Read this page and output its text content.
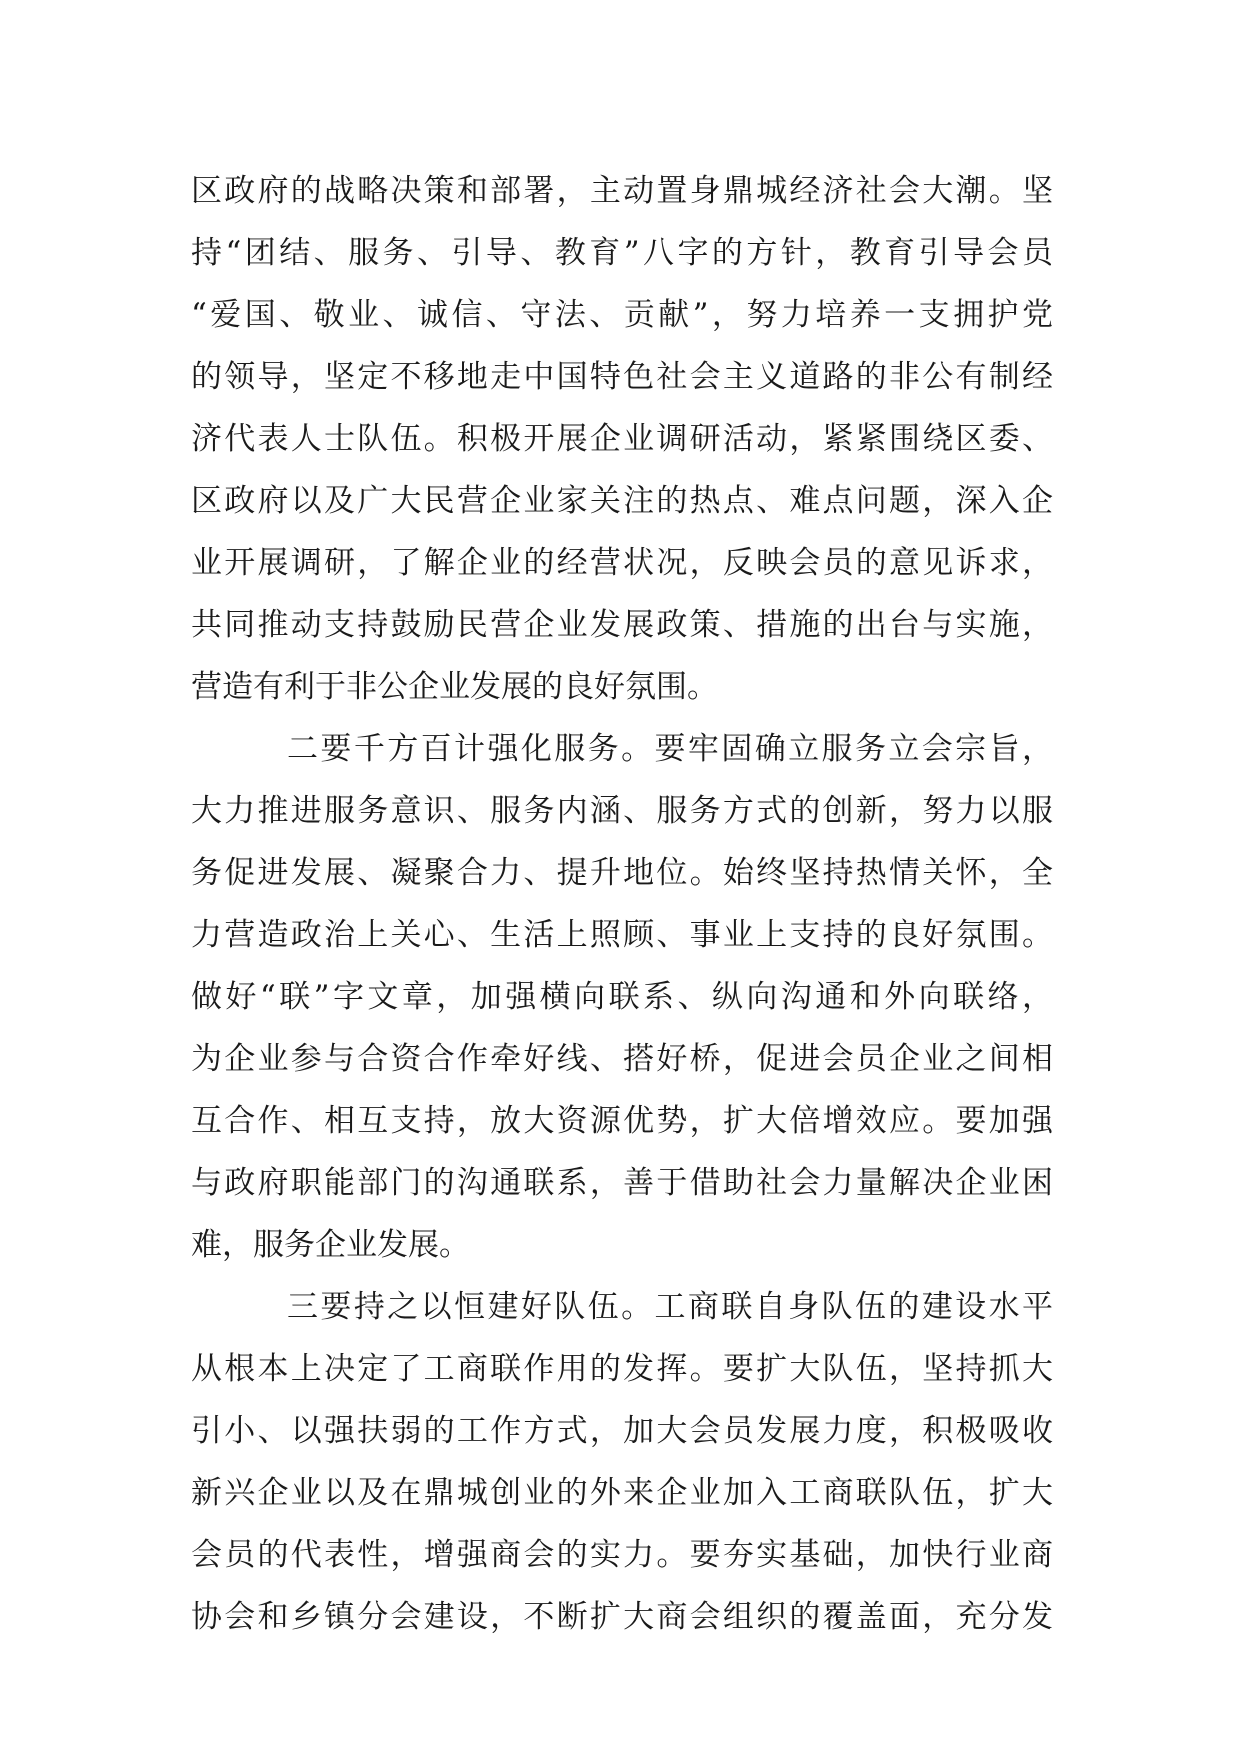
区政府的战略决策和部署，主动置身鼎城经济社会大潮。坚
持“团结、服务、引导、教育”八字的方针，教育引导会员
“爱国、敬业、诚信、守法、贡献”，努力培养一支拥护党
的领导，坚定不移地走中国特色社会主义道路的非公有制经
济代表人士队伍。积极开展企业调研活动，紧紧围绕区委、
区政府以及广大民营企业家关注的热点、难点问题，深入企
业开展调研，了解企业的经营状况，反映会员的意见诉求，
共同推动支持鼓励民营企业发展政策、措施的出台与实施，
营造有利于非公企业发展的良好氛围。
二要千方百计强化服务。要牢固确立服务立会宗旨，
大力推进服务意识、服务内涵、服务方式的创新，努力以服
务促进发展、凝聚合力、提升地位。始终坚持热情关怀，全
力营造政治上关心、生活上照顾、事业上支持的良好氛围。
做好“联”字文章，加强横向联系、纵向沟通和外向联络，
为企业参与合资合作牵好线、搭好桥，促进会员企业之间相
互合作、相互支持，放大资源优势，扩大倍增效应。要加强
与政府职能部门的沟通联系，善于借助社会力量解决企业困
难，服务企业发展。
三要持之以恒建好队伍。工商联自身队伍的建设水平
从根本上决定了工商联作用的发挥。要扩大队伍，坚持抓大
引小、以强扶弱的工作方式，加大会员发展力度，积极吸收
新兴企业以及在鼎城创业的外来企业加入工商联队伍，扩大
会员的代表性，增强商会的实力。要夯实基础，加快行业商
协会和乡镇分会建设，不断扩大商会组织的覆盖面，充分发
